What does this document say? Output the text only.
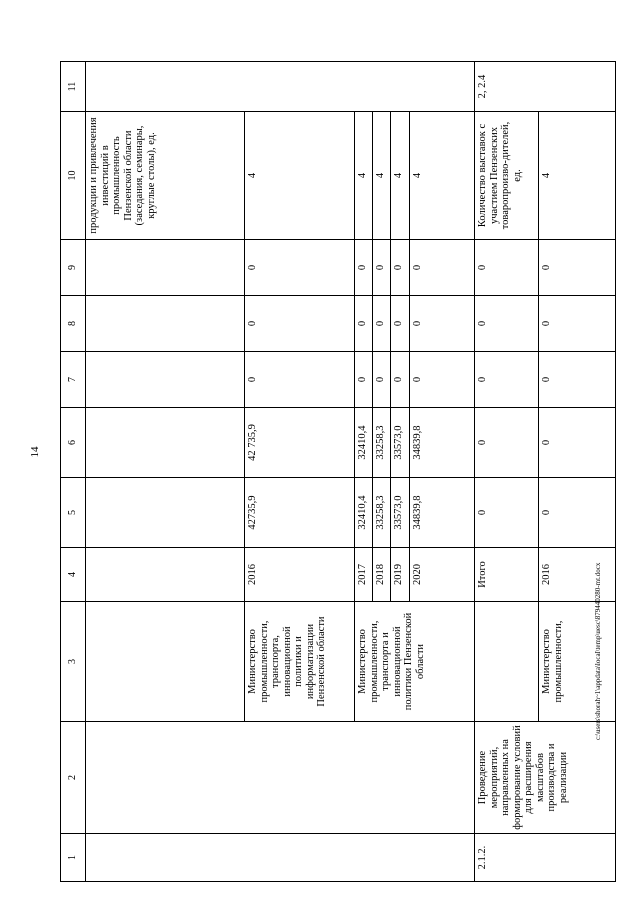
14
c:\users\shorah~1\appdata\local\temp\uesc\879440280-mt.docx
1	2	3	4	5	6	7	8	9	10	11
									продукции и привлечения инвестиций в промышленность Пензенской области (заседания, семинары, круглые столы), ед.	
		Министерство промышленности, транспорта, инновационной политики и информатизации Пензенской области	2016	42735,9	42 735,9	0	0	0	4	
		Министерство промышленности, транспорта и инновационной политики Пензенской области	2017	32410,4	32410,4	0	0	0	4	
			2018	33258,3	33258,3	0	0	0	4	
			2019	33573,0	33573,0	0	0	0	4	
			2020	34839,8	34839,8	0	0	0	4	
2.1.2.	Проведение мероприятий, направленных на формирование условий для расширения масштабов производства и реализации		Итого	0	0	0	0	0	Количество выставок с участием Пензенских товаропроизво-дителей, ед.	2, 2.4
		Министерство промышленности,	2016	0	0	0	0	0	4	
